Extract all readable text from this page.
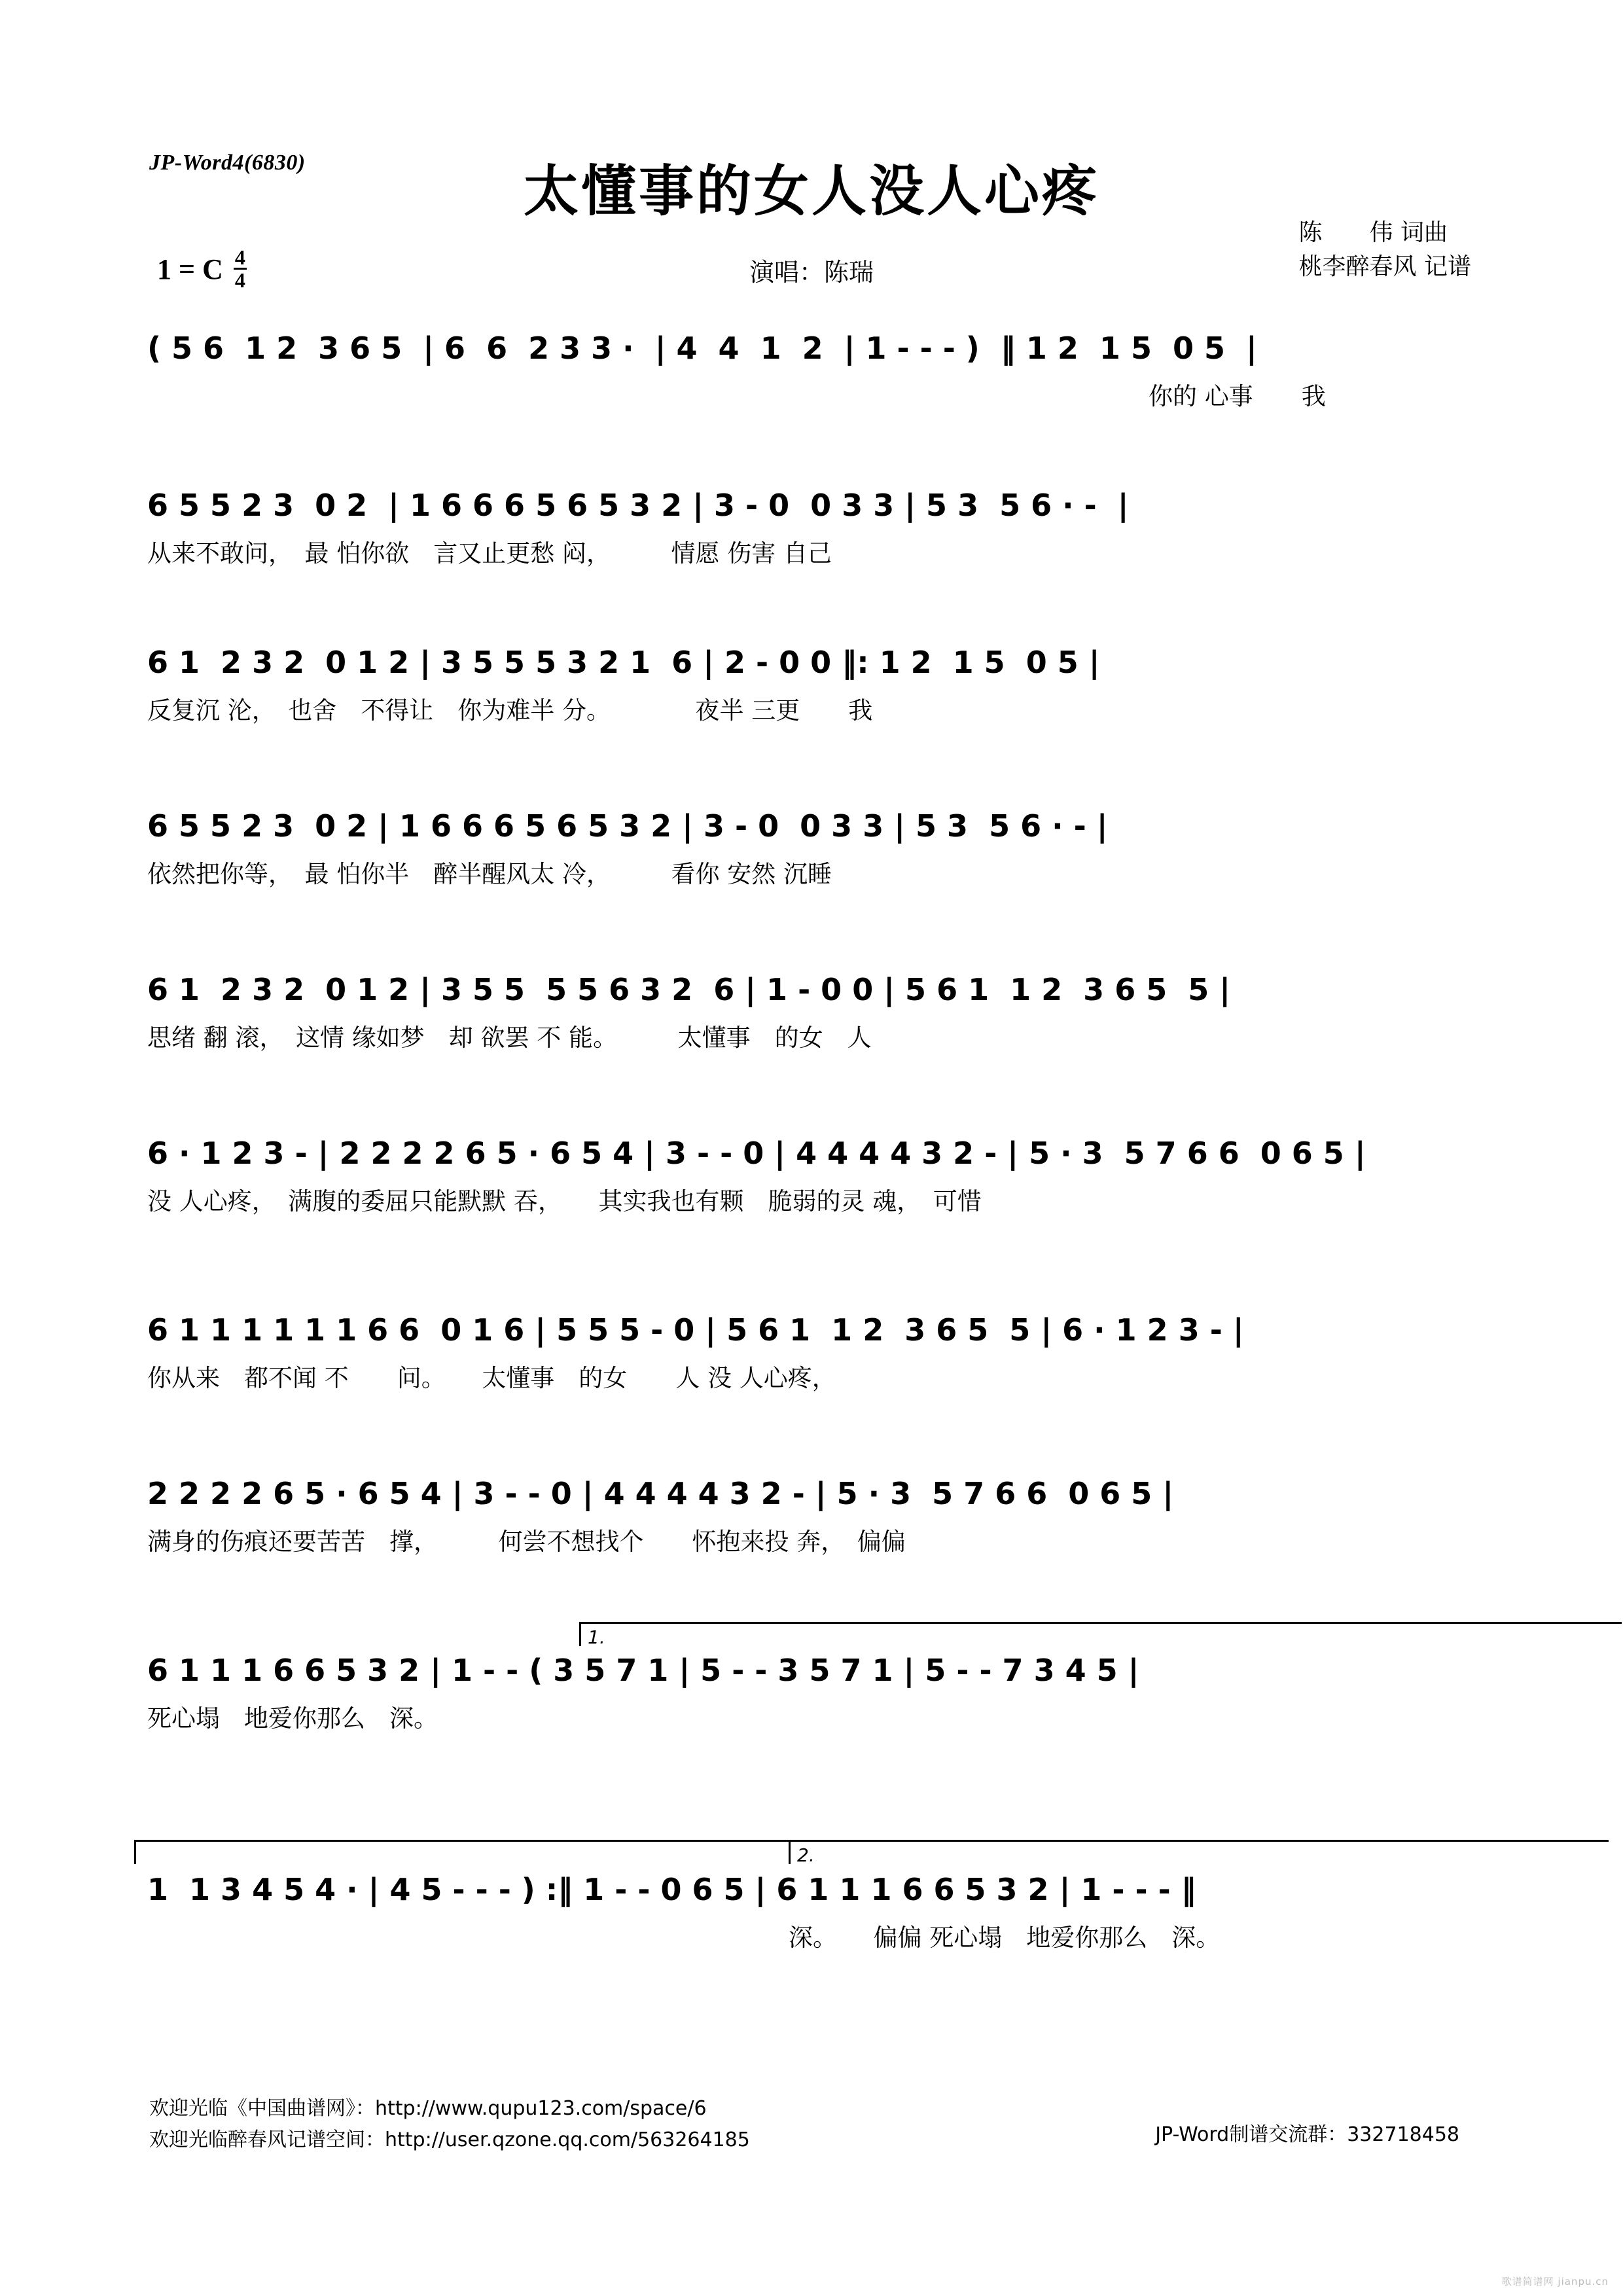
JP-Word4(6830)	太懂事的女人没人心疼
陈　　伟 词曲
桃李醉春风 记谱
演唱：陈瑞
1 = C $\frac{4}{4}$
( 5 6  1 2  3 6 5  | 6  6  2 3 3 ·  | 4  4  1  2  | 1 - - - )  ‖ 1 2  1 5  0 5  |
你的 心事　　我
6 5 5 2 3  0 2  | 1 6 6 6 5 6 5 3 2 | 3 - 0  0 3 3 | 5 3  5 6 · -  |
从来不敢问，　最 怕你欲　言又止更愁 闷，　　　情愿 伤害 自己
6 1  2 3 2  0 1 2 | 3 5 5 5 3 2 1  6 | 2 - 0 0 ‖: 1 2  1 5  0 5 |
反复沉 沦，　也舍　不得让　你为难半 分。　　　　夜半 三更　　我
6 5 5 2 3  0 2 | 1 6 6 6 5 6 5 3 2 | 3 - 0  0 3 3 | 5 3  5 6 · - |
依然把你等，　最 怕你半　醉半醒风太 冷，　　　看你 安然 沉睡
6 1  2 3 2  0 1 2 | 3 5 5  5 5 6 3 2  6 | 1 - 0 0 | 5 6 1  1 2  3 6 5  5 |
思绪 翻 滚，　这情 缘如梦　却 欲罢 不 能。　　　太懂事　的女　人
6 · 1 2 3 - | 2 2 2 2 6 5 · 6 5 4 | 3 - - 0 | 4 4 4 4 3 2 - | 5 · 3  5 7 6 6  0 6 5 |
没 人心疼，　满腹的委屈只能默默 吞，　　其实我也有颗　脆弱的灵 魂，　可惜
6 1 1 1 1 1 1 6 6  0 1 6 | 5 5 5 - 0 | 5 6 1  1 2  3 6 5  5 | 6 · 1 2 3 - |
你从来　都不闻 不　　问。　　太懂事　的女　　人 没 人心疼，
2 2 2 2 6 5 · 6 5 4 | 3 - - 0 | 4 4 4 4 3 2 - | 5 · 3  5 7 6 6  0 6 5 |
满身的伤痕还要苦苦　撑，　　　何尝不想找个　　怀抱来投 奔，　偏偏
1.
6 1 1 1 6 6 5 3 2 | 1 - - ( 3 5 7 1 | 5 - - 3 5 7 1 | 5 - - 7 3 4 5 |
死心塌　地爱你那么　深。
2.
1  1 3 4 5 4 · | 4 5 - - - ) :‖ 1 - - 0 6 5 | 6 1 1 1 6 6 5 3 2 | 1 - - - ‖
深。　　偏偏 死心塌　地爱你那么　深。
欢迎光临《中国曲谱网》：http://www.qupu123.com/space/6
欢迎光临醉春风记谱空间：http://user.qzone.qq.com/563264185	JP-Word制谱交流群：332718458
歌谱简谱网 jianpu.cn
